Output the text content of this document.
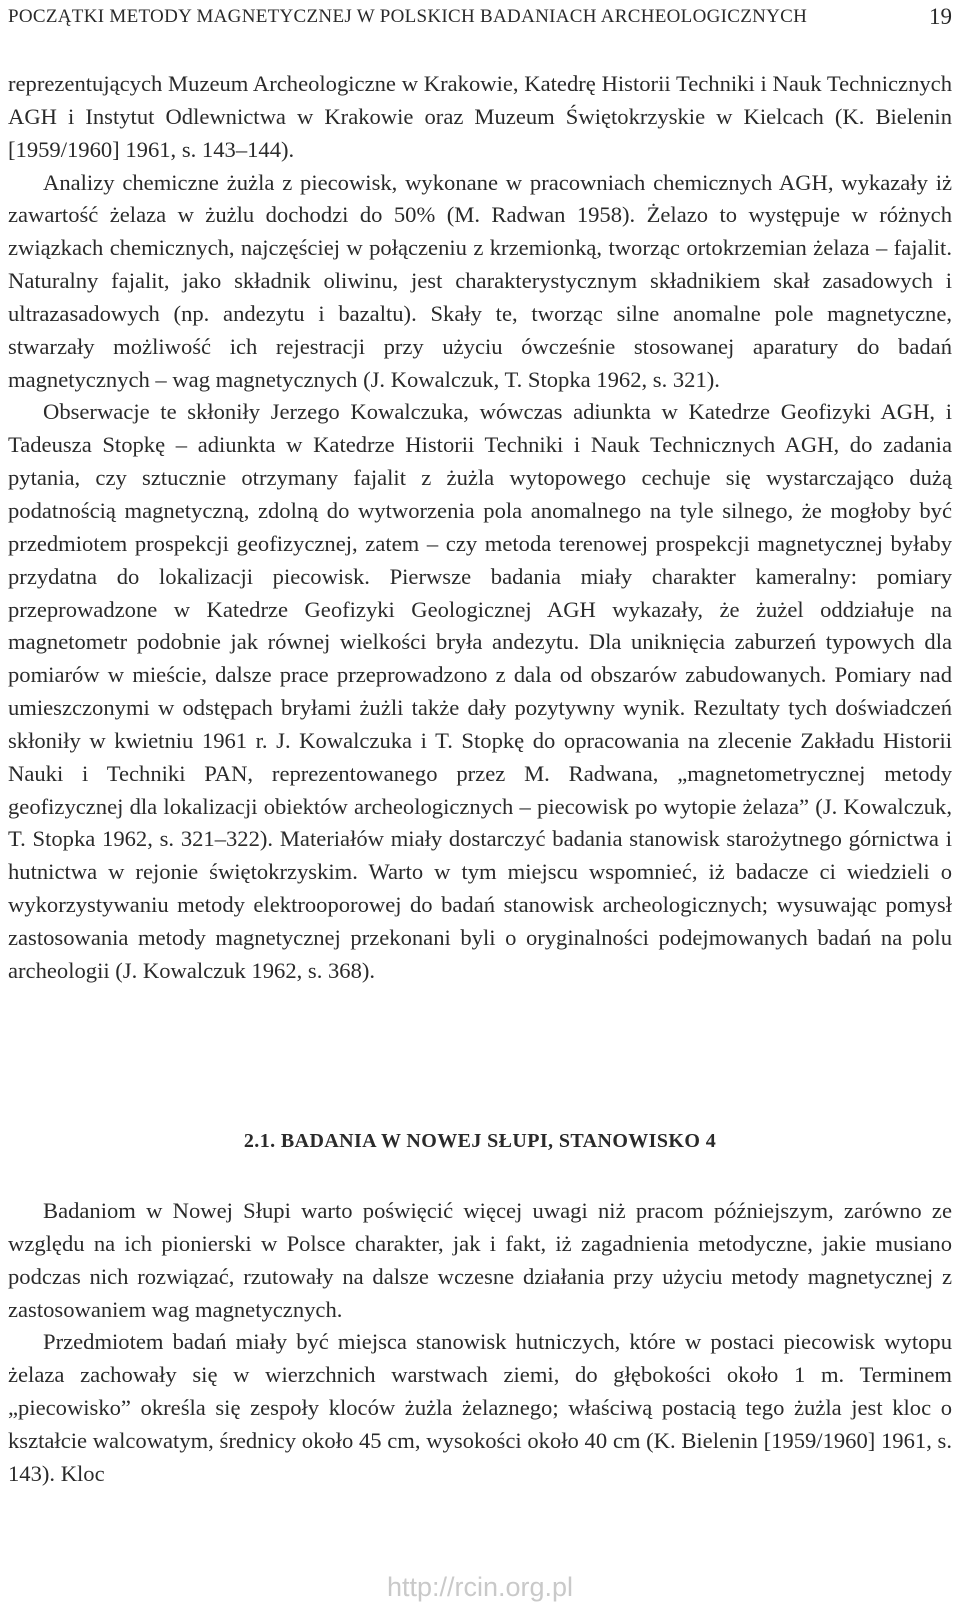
POCZĄTKI METODY MAGNETYCZNEJ W POLSKICH BADANIACH ARCHEOLOGICZNYCH	19

reprezentujących Muzeum Archeologiczne w Krakowie, Katedrę Historii Techniki i Nauk Technicznych AGH i Instytut Odlewnictwa w Krakowie oraz Muzeum Świętokrzyskie w Kielcach (K. Bielenin [1959/1960] 1961, s. 143–144).

Analizy chemiczne żużla z piecowisk, wykonane w pracowniach chemicznych AGH, wykazały iż zawartość żelaza w żużlu dochodzi do 50% (M. Radwan 1958). Żelazo to występuje w różnych związkach chemicznych, najczęściej w połączeniu z krzemionką, tworząc ortokrzemian żelaza – fajalit. Naturalny fajalit, jako składnik oliwinu, jest charakterystycznym składnikiem skał zasadowych i ultrazasadowych (np. andezytu i bazaltu). Skały te, tworząc silne anomalne pole magnetyczne, stwarzały możliwość ich rejestracji przy użyciu ówcześnie stosowanej aparatury do badań magnetycznych – wag magnetycznych (J. Kowalczuk, T. Stopka 1962, s. 321).

Obserwacje te skłoniły Jerzego Kowalczuka, wówczas adiunkta w Katedrze Geofizyki AGH, i Tadeusza Stopkę – adiunkta w Katedrze Historii Techniki i Nauk Technicznych AGH, do zadania pytania, czy sztucznie otrzymany fajalit z żużla wytopowego cechuje się wystarczająco dużą podatnością magnetyczną, zdolną do wytworzenia pola anomalnego na tyle silnego, że mogłoby być przedmiotem prospekcji geofizycznej, zatem – czy metoda terenowej prospekcji magnetycznej byłaby przydatna do lokalizacji piecowisk. Pierwsze badania miały charakter kameralny: pomiary przeprowadzone w Katedrze Geofizyki Geologicznej AGH wykazały, że żużel oddziałuje na magnetometr podobnie jak równej wielkości bryła andezytu. Dla uniknięcia zaburzeń typowych dla pomiarów w mieście, dalsze prace przeprowadzono z dala od obszarów zabudowanych. Pomiary nad umieszczonymi w odstępach bryłami żużli także dały pozytywny wynik. Rezultaty tych doświadczeń skłoniły w kwietniu 1961 r. J. Kowalczuka i T. Stopkę do opracowania na zlecenie Zakładu Historii Nauki i Techniki PAN, reprezentowanego przez M. Radwana, „magnetometrycznej metody geofizycznej dla lokalizacji obiektów archeologicznych – piecowisk po wytopie żelaza” (J. Kowalczuk, T. Stopka 1962, s. 321–322). Materiałów miały dostarczyć badania stanowisk starożytnego górnictwa i hutnictwa w rejonie świętokrzyskim. Warto w tym miejscu wspomnieć, iż badacze ci wiedzieli o wykorzystywaniu metody elektrooporowej do badań stanowisk archeologicznych; wysuwając pomysł zastosowania metody magnetycznej przekonani byli o oryginalności podejmowanych badań na polu archeologii (J. Kowalczuk 1962, s. 368).

2.1. BADANIA W NOWEJ SŁUPI, STANOWISKO 4

Badaniom w Nowej Słupi warto poświęcić więcej uwagi niż pracom późniejszym, zarówno ze względu na ich pionierski w Polsce charakter, jak i fakt, iż zagadnienia metodyczne, jakie musiano podczas nich rozwiązać, rzutowały na dalsze wczesne działania przy użyciu metody magnetycznej z zastosowaniem wag magnetycznych.

Przedmiotem badań miały być miejsca stanowisk hutniczych, które w postaci piecowisk wytopu żelaza zachowały się w wierzchnich warstwach ziemi, do głębokości około 1 m. Terminem „piecowisko” określa się zespoły kloców żużla żelaznego; właściwą postacią tego żużla jest kloc o kształcie walcowatym, średnicy około 45 cm, wysokości około 40 cm (K. Bielenin [1959/1960] 1961, s. 143). Kloc

http://rcin.org.pl
